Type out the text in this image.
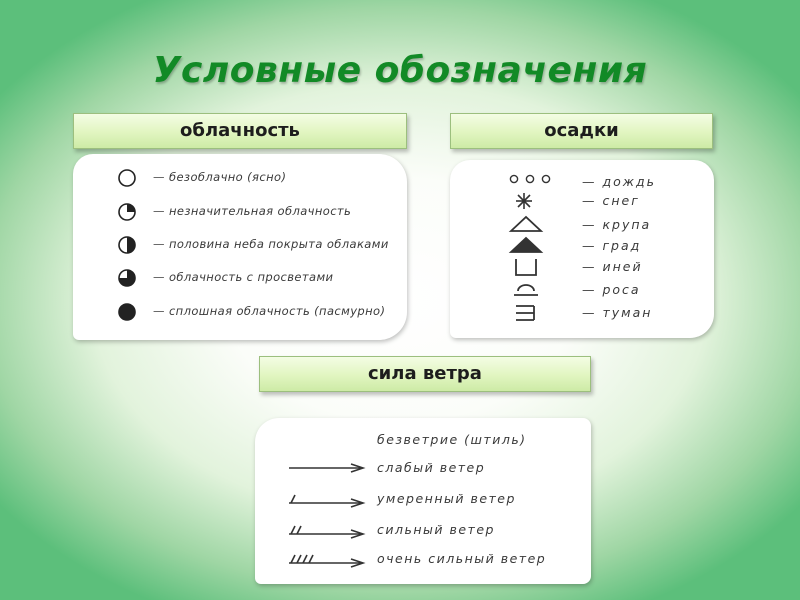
Условные обозначения
облачность	осадки
— безоблачно (ясно)
— незначительная облачность
— половина неба покрыта облаками
— облачность с просветами
— сплошная облачность (пасмурно)
— дождь
— снег
— крупа
— град
— иней
— роса
— туман
сила ветра
безветрие (штиль)
слабый ветер
умеренный ветер
сильный ветер
очень сильный ветер
